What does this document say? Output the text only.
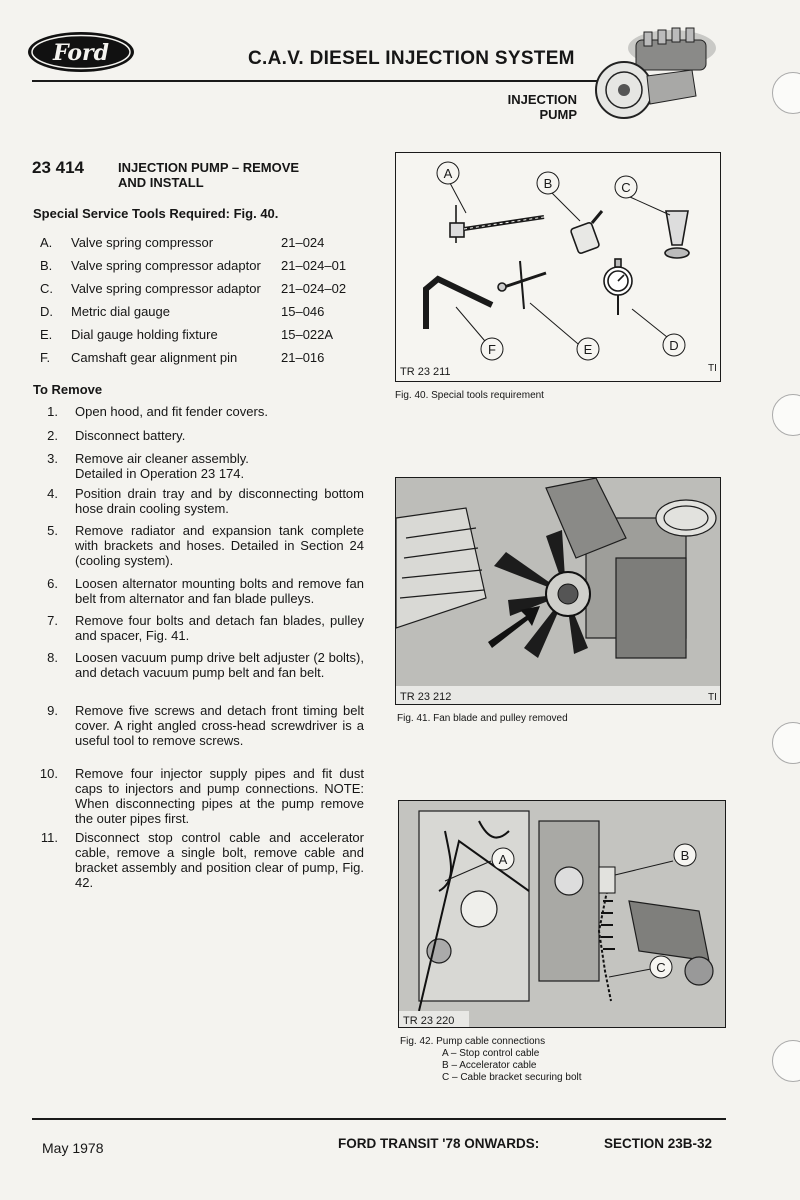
Ford	C.A.V. DIESEL INJECTION SYSTEM
INJECTION
PUMP
23 414	INJECTION PUMP – REMOVE
AND INSTALL
Special Service Tools Required: Fig. 40.
A. Valve spring compressor	21–024
B. Valve spring compressor adaptor 21–024–01
C. Valve spring compressor adaptor 21–024–02
D. Metric dial gauge	15–046
E. Dial gauge holding fixture	15–022A
F. Camshaft gear alignment pin	21–016
To Remove
1. Open hood, and fit fender covers.
2. Disconnect battery.
3. Remove air cleaner assembly. Detailed in Operation 23 174.
4. Position drain tray and by disconnecting bottom hose drain cooling system.
5. Remove radiator and expansion tank complete with brackets and hoses. Detailed in Section 24 (cooling system).
6. Loosen alternator mounting bolts and remove fan belt from alternator and fan blade pulleys.
7. Remove four bolts and detach fan blades, pulley and spacer, Fig. 41.
8. Loosen vacuum pump drive belt adjuster (2 bolts), and detach vacuum pump belt and fan belt.
9. Remove five screws and detach front timing belt cover. A right angled cross-head screwdriver is a useful tool to remove screws.
10. Remove four injector supply pipes and fit dust caps to injectors and pump connections. NOTE: When disconnecting pipes at the pump remove the outer pipes first.
11. Disconnect stop control cable and accelerator cable, remove a single bolt, remove cable and bracket assembly and position clear of pump, Fig. 42.
A
B	C
D
E
F
TR 23 211	TI
Fig. 40. Special tools requirement
TR 23 212	TI
Fig. 41. Fan blade and pulley removed
A	B
C
TR 23 220
Fig. 42. Pump cable connections
A – Stop control cable
B – Accelerator cable
C – Cable bracket securing bolt
May 1978	FORD TRANSIT '78 ONWARDS:	SECTION 23B-32
